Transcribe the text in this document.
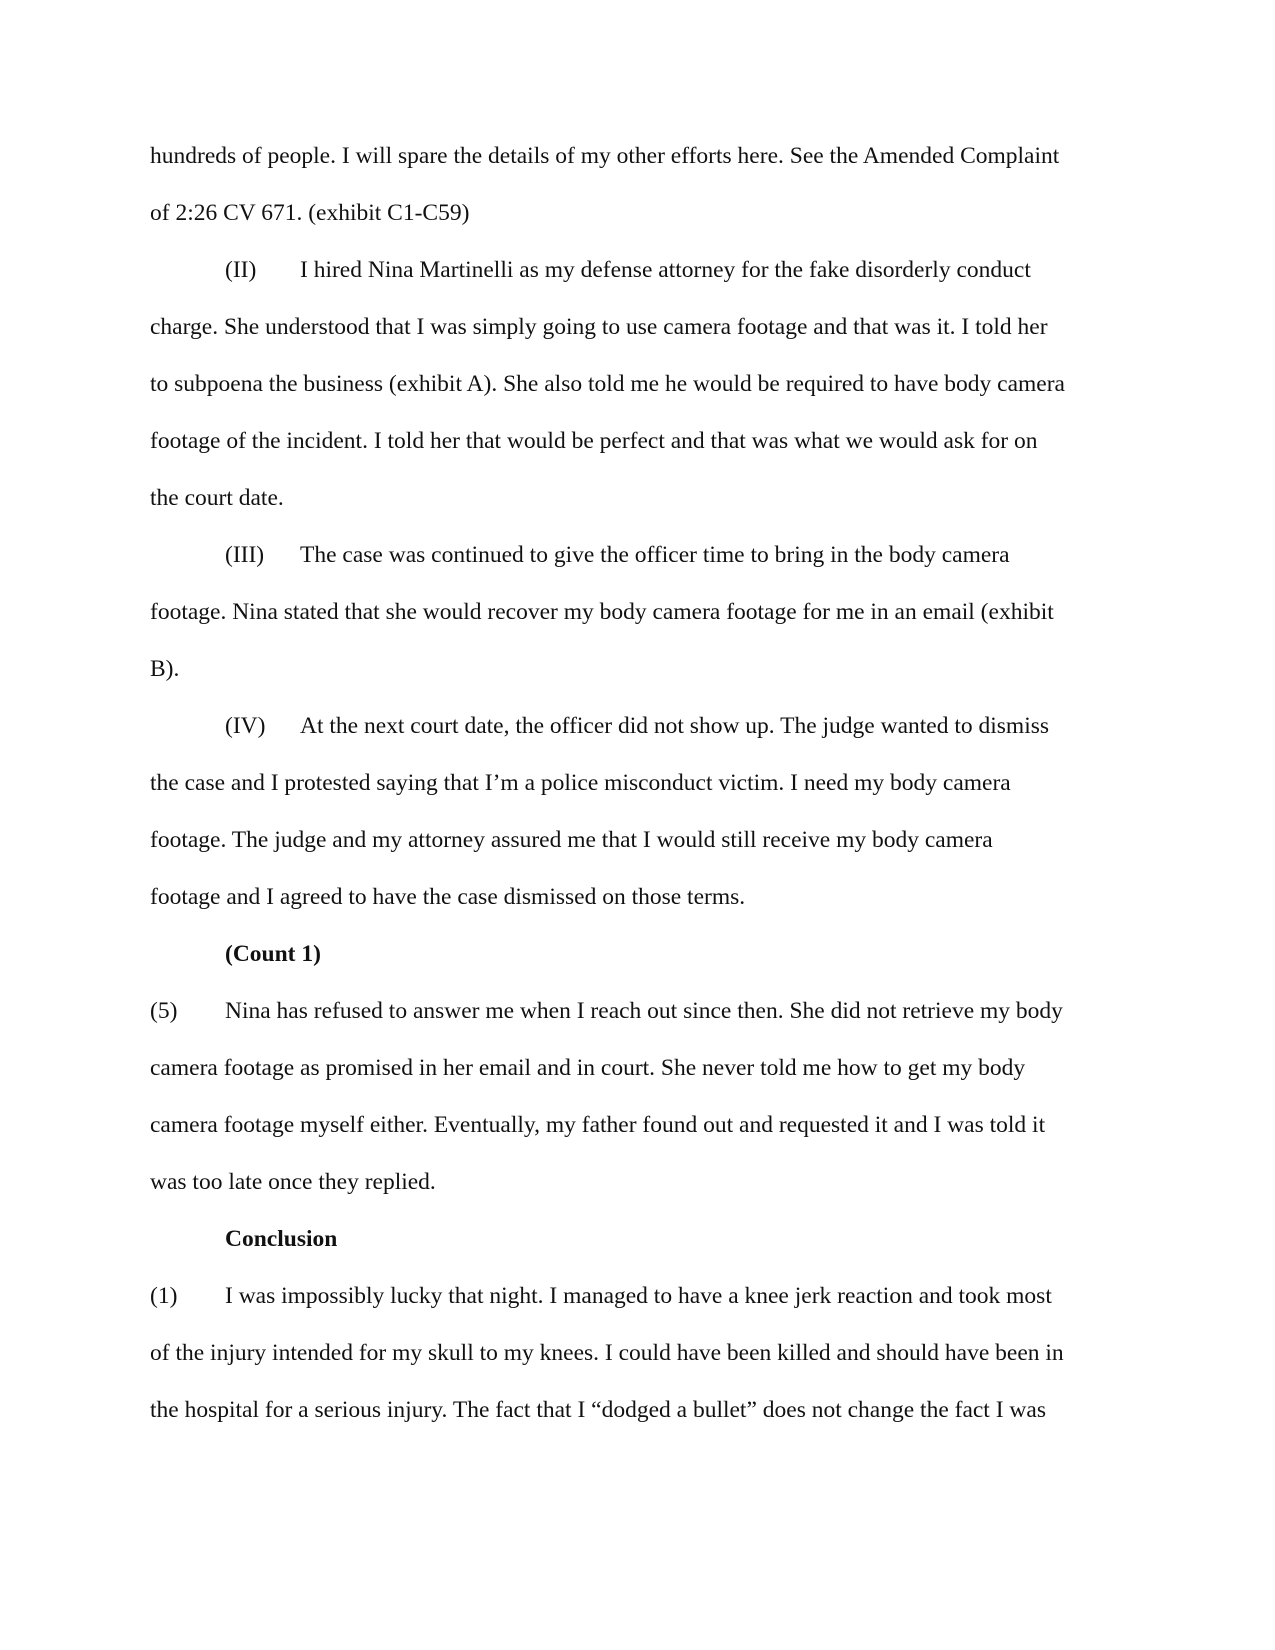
hundreds of people. I will spare the details of my other efforts here. See the Amended Complaint
of 2:26 CV 671. (exhibit C1-C59)
(II) I hired Nina Martinelli as my defense attorney for the fake disorderly conduct
charge. She understood that I was simply going to use camera footage and that was it. I told her
to subpoena the business (exhibit A). She also told me he would be required to have body camera
footage of the incident. I told her that would be perfect and that was what we would ask for on
the court date.
(III) The case was continued to give the officer time to bring in the body camera
footage. Nina stated that she would recover my body camera footage for me in an email (exhibit
B).
(IV) At the next court date, the officer did not show up. The judge wanted to dismiss
the case and I protested saying that I’m a police misconduct victim. I need my body camera
footage. The judge and my attorney assured me that I would still receive my body camera
footage and I agreed to have the case dismissed on those terms.
(Count 1)
(5) Nina has refused to answer me when I reach out since then. She did not retrieve my body
camera footage as promised in her email and in court. She never told me how to get my body
camera footage myself either. Eventually, my father found out and requested it and I was told it
was too late once they replied.
Conclusion
(1) I was impossibly lucky that night. I managed to have a knee jerk reaction and took most
of the injury intended for my skull to my knees. I could have been killed and should have been in
the hospital for a serious injury. The fact that I “dodged a bullet” does not change the fact I was
